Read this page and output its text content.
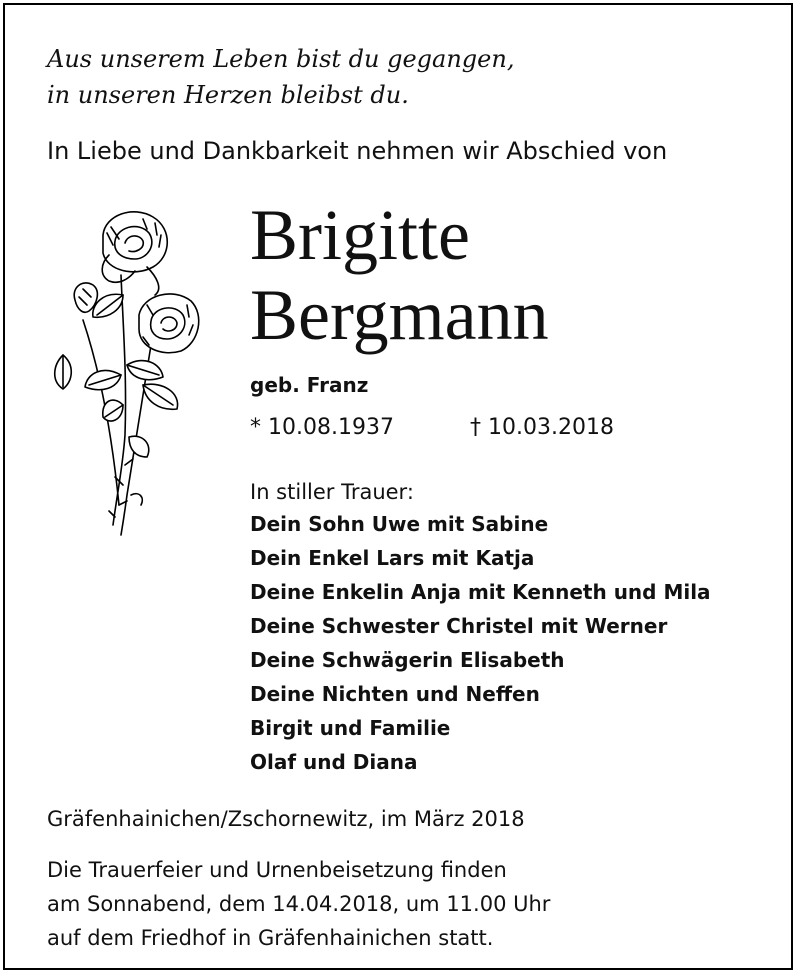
Aus unserem Leben bist du gegangen,
in unseren Herzen bleibst du.
In Liebe und Dankbarkeit nehmen wir Abschied von
Brigitte
Bergmann
geb. Franz
* 10.08.1937	† 10.03.2018
In stiller Trauer:
Dein Sohn Uwe mit Sabine
Dein Enkel Lars mit Katja
Deine Enkelin Anja mit Kenneth und Mila
Deine Schwester Christel mit Werner
Deine Schwägerin Elisabeth
Deine Nichten und Neffen
Birgit und Familie
Olaf und Diana
Gräfenhainichen/Zschornewitz, im März 2018
Die Trauerfeier und Urnenbeisetzung finden
am Sonnabend, dem 14.04.2018, um 11.00 Uhr
auf dem Friedhof in Gräfenhainichen statt.
